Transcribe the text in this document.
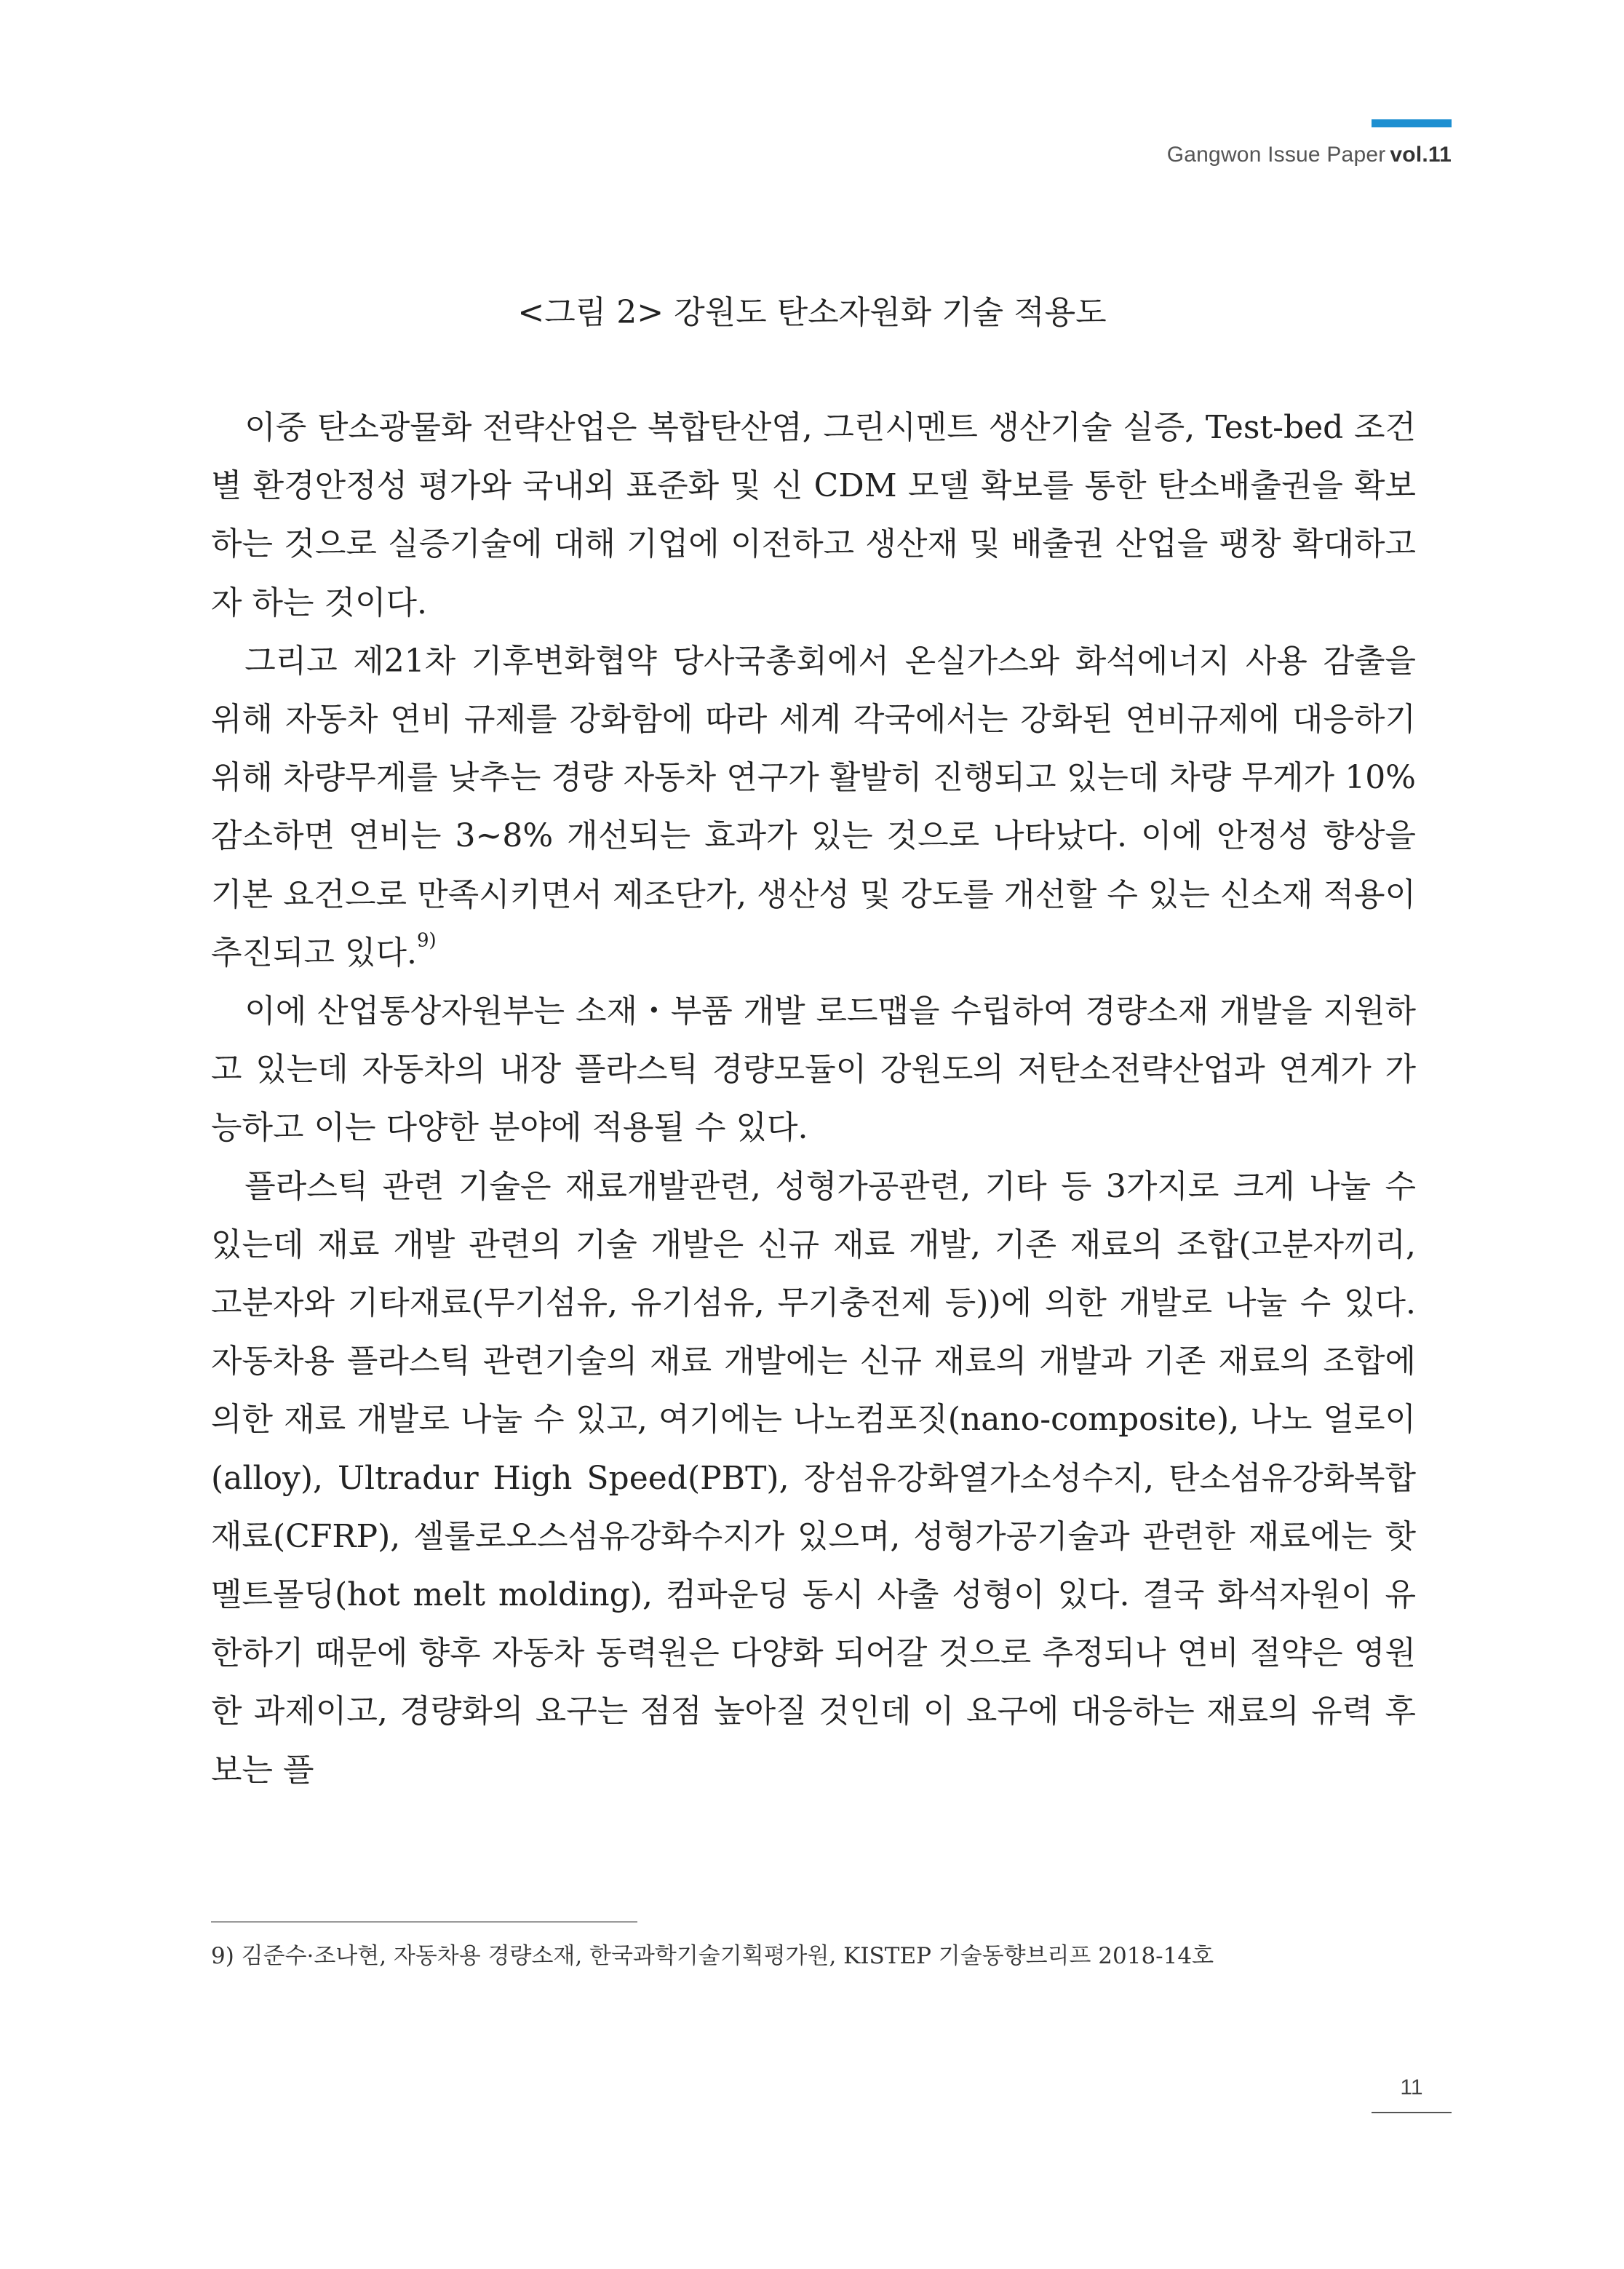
Gangwon Issue Paper vol.11
<그림 2> 강원도 탄소자원화 기술 적용도

이중 탄소광물화 전략산업은 복합탄산염, 그린시멘트 생산기술 실증, Test-bed 조건별 환경안정성 평가와 국내외 표준화 및 신 CDM 모델 확보를 통한 탄소배출권을 확보하는 것으로 실증기술에 대해 기업에 이전하고 생산재 및 배출권 산업을 팽창 확대하고자 하는 것이다.

그리고 제21차 기후변화협약 당사국총회에서 온실가스와 화석에너지 사용 감출을 위해 자동차 연비 규제를 강화함에 따라 세계 각국에서는 강화된 연비규제에 대응하기 위해 차량무게를 낮추는 경량 자동차 연구가 활발히 진행되고 있는데 차량 무게가 10% 감소하면 연비는 3~8% 개선되는 효과가 있는 것으로 나타났다. 이에 안정성 향상을 기본 요건으로 만족시키면서 제조단가, 생산성 및 강도를 개선할 수 있는 신소재 적용이 추진되고 있다.$^{9)}$

이에 산업통상자원부는 소재・부품 개발 로드맵을 수립하여 경량소재 개발을 지원하고 있는데 자동차의 내장 플라스틱 경량모듈이 강원도의 저탄소전략산업과 연계가 가능하고 이는 다양한 분야에 적용될 수 있다.

플라스틱 관련 기술은 재료개발관련, 성형가공관련, 기타 등 3가지로 크게 나눌 수 있는데 재료 개발 관련의 기술 개발은 신규 재료 개발, 기존 재료의 조합(고분자끼리, 고분자와 기타재료(무기섬유, 유기섬유, 무기충전제 등))에 의한 개발로 나눌 수 있다. 자동차용 플라스틱 관련기술의 재료 개발에는 신규 재료의 개발과 기존 재료의 조합에 의한 재료 개발로 나눌 수 있고, 여기에는 나노컴포짓(nano-composite), 나노 얼로이(alloy), Ultradur High Speed(PBT), 장섬유강화열가소성수지, 탄소섬유강화복합재료(CFRP), 셀룰로오스섬유강화수지가 있으며, 성형가공기술과 관련한 재료에는 핫멜트몰딩(hot melt molding), 컴파운딩 동시 사출 성형이 있다. 결국 화석자원이 유한하기 때문에 향후 자동차 동력원은 다양화 되어갈 것으로 추정되나 연비 절약은 영원한 과제이고, 경량화의 요구는 점점 높아질 것인데 이 요구에 대응하는 재료의 유력 후보는 플

9) 김준수·조나현, 자동차용 경량소재, 한국과학기술기획평가원, KISTEP 기술동향브리프 2018-14호
11
